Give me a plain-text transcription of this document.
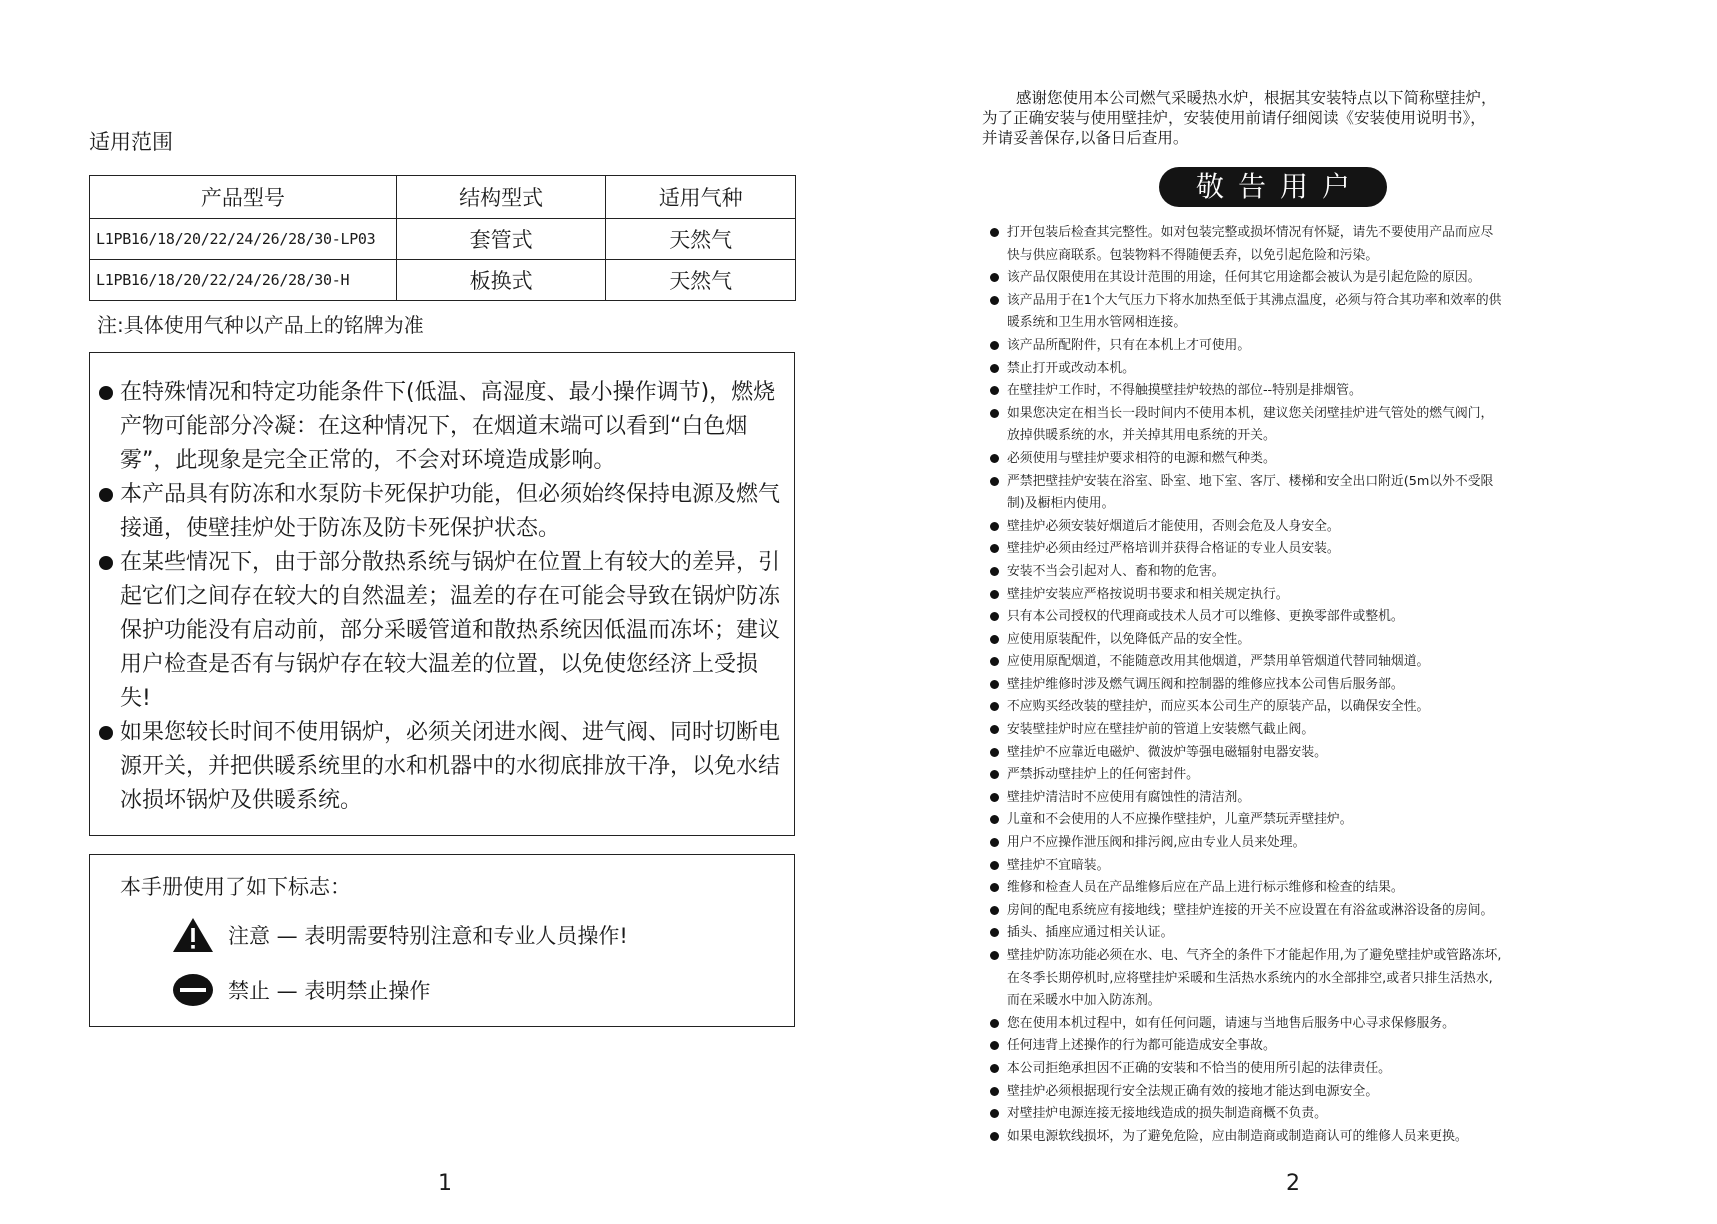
适用范围
产品型号	结构型式	适用气种
L1PB16/18/20/22/24/26/28/30-LP03	套管式	天然气
L1PB16/18/20/22/24/26/28/30-H	板换式	天然气
注:具体使用气种以产品上的铭牌为准
在特殊情况和特定功能条件下(低温、高湿度、最小操作调节)，燃烧产物可能部分冷凝：在这种情况下，在烟道末端可以看到“白色烟雾”，此现象是完全正常的，不会对环境造成影响。
本产品具有防冻和水泵防卡死保护功能，但必须始终保持电源及燃气接通，使壁挂炉处于防冻及防卡死保护状态。
在某些情况下，由于部分散热系统与锅炉在位置上有较大的差异，引起它们之间存在较大的自然温差；温差的存在可能会导致在锅炉防冻保护功能没有启动前，部分采暖管道和散热系统因低温而冻坏；建议用户检查是否有与锅炉存在较大温差的位置，以免使您经济上受损失!
如果您较长时间不使用锅炉，必须关闭进水阀、进气阀、同时切断电源开关，并把供暖系统里的水和机器中的水彻底排放干净，以免水结冰损坏锅炉及供暖系统。
本手册使用了如下标志：
注意 — 表明需要特别注意和专业人员操作!
禁止 — 表明禁止操作
1
感谢您使用本公司燃气采暖热水炉，根据其安装特点以下简称壁挂炉，
为了正确安装与使用壁挂炉，安装使用前请仔细阅读《安装使用说明书》，
并请妥善保存,以备日后查用。
敬告用户
打开包装后检查其完整性。如对包装完整或损坏情况有怀疑，请先不要使用产品而应尽
快与供应商联系。包装物料不得随便丢弃，以免引起危险和污染。
该产品仅限使用在其设计范围的用途，任何其它用途都会被认为是引起危险的原因。
该产品用于在1个大气压力下将水加热至低于其沸点温度，必须与符合其功率和效率的供
暖系统和卫生用水管网相连接。
该产品所配附件，只有在本机上才可使用。
禁止打开或改动本机。
在壁挂炉工作时，不得触摸壁挂炉较热的部位--特别是排烟管。
如果您决定在相当长一段时间内不使用本机，建议您关闭壁挂炉进气管处的燃气阀门，
放掉供暖系统的水，并关掉其用电系统的开关。
必须使用与壁挂炉要求相符的电源和燃气种类。
严禁把壁挂炉安装在浴室、卧室、地下室、客厅、楼梯和安全出口附近(5m以外不受限
制)及橱柜内使用。
壁挂炉必须安装好烟道后才能使用，否则会危及人身安全。
壁挂炉必须由经过严格培训并获得合格证的专业人员安装。
安装不当会引起对人、畜和物的危害。
壁挂炉安装应严格按说明书要求和相关规定执行。
只有本公司授权的代理商或技术人员才可以维修、更换零部件或整机。
应使用原装配件，以免降低产品的安全性。
应使用原配烟道，不能随意改用其他烟道，严禁用单管烟道代替同轴烟道。
壁挂炉维修时涉及燃气调压阀和控制器的维修应找本公司售后服务部。
不应购买经改装的壁挂炉，而应买本公司生产的原装产品，以确保安全性。
安装壁挂炉时应在壁挂炉前的管道上安装燃气截止阀。
壁挂炉不应靠近电磁炉、微波炉等强电磁辐射电器安装。
严禁拆动壁挂炉上的任何密封件。
壁挂炉清洁时不应使用有腐蚀性的清洁剂。
儿童和不会使用的人不应操作壁挂炉，儿童严禁玩弄壁挂炉。
用户不应操作泄压阀和排污阀,应由专业人员来处理。
壁挂炉不宜暗装。
维修和检查人员在产品维修后应在产品上进行标示维修和检查的结果。
房间的配电系统应有接地线；壁挂炉连接的开关不应设置在有浴盆或淋浴设备的房间。
插头、插座应通过相关认证。
壁挂炉防冻功能必须在水、电、气齐全的条件下才能起作用,为了避免壁挂炉或管路冻坏,
在冬季长期停机时,应将壁挂炉采暖和生活热水系统内的水全部排空,或者只排生活热水,
而在采暖水中加入防冻剂。
您在使用本机过程中，如有任何问题，请速与当地售后服务中心寻求保修服务。
任何违背上述操作的行为都可能造成安全事故。
本公司拒绝承担因不正确的安装和不恰当的使用所引起的法律责任。
壁挂炉必须根据现行安全法规正确有效的接地才能达到电源安全。
对壁挂炉电源连接无接地线造成的损失制造商概不负责。
如果电源软线损坏，为了避免危险，应由制造商或制造商认可的维修人员来更换。
2
